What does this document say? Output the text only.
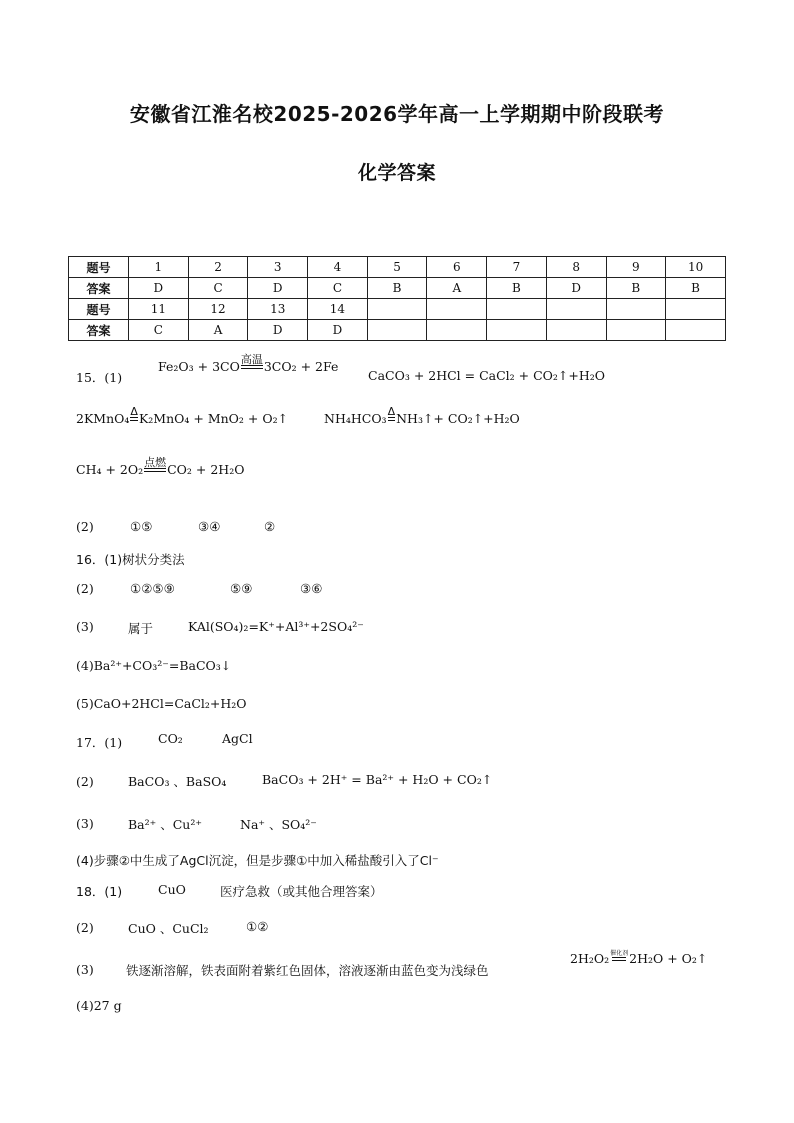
安徽省江淮名校2025-2026学年高一上学期期中阶段联考
化学答案
题号	1	2	3	4	5	6	7	8	9	10
答案	D	C	D	C	B	A	B	D	B	B
题号	11	12	13	14						
答案	C	A	D	D						
15．(1)
Fe₂O₃ + 3CO 高温 3CO₂ + 2Fe
CaCO₃ + 2HCl = CaCl₂ + CO₂↑+H₂O
2KMnO₄ Δ K₂MnO₄ + MnO₂ + O₂↑	NH₄HCO₃ Δ NH₃↑+ CO₂↑+H₂O
CH₄ + 2O₂ 点燃 CO₂ + 2H₂O
(2)	①⑤	③④	②
16．(1)树状分类法
(2)	①②⑤⑨	⑤⑨	③⑥
(3)	属于	KAl(SO₄)₂=K⁺+Al³⁺+2SO₄²⁻
(4)Ba²⁺+CO₃²⁻=BaCO₃↓
(5)CaO+2HCl=CaCl₂+H₂O
17．(1)	CO₂	AgCl
(2)	BaCO₃ 、BaSO₄	BaCO₃ + 2H⁺ = Ba²⁺ + H₂O + CO₂↑
(3)	Ba²⁺ 、Cu²⁺	Na⁺ 、SO₄²⁻
(4)步骤②中生成了AgCl沉淀，但是步骤①中加入稀盐酸引入了Cl⁻
18．(1)	CuO	医疗急救（或其他合理答案）
(2)	CuO 、CuCl₂	①②
(3)	铁逐渐溶解，铁表面附着紫红色固体，溶液逐渐由蓝色变为浅绿色
2H₂O₂ 催化剂 2H₂O + O₂↑
(4)27 g
